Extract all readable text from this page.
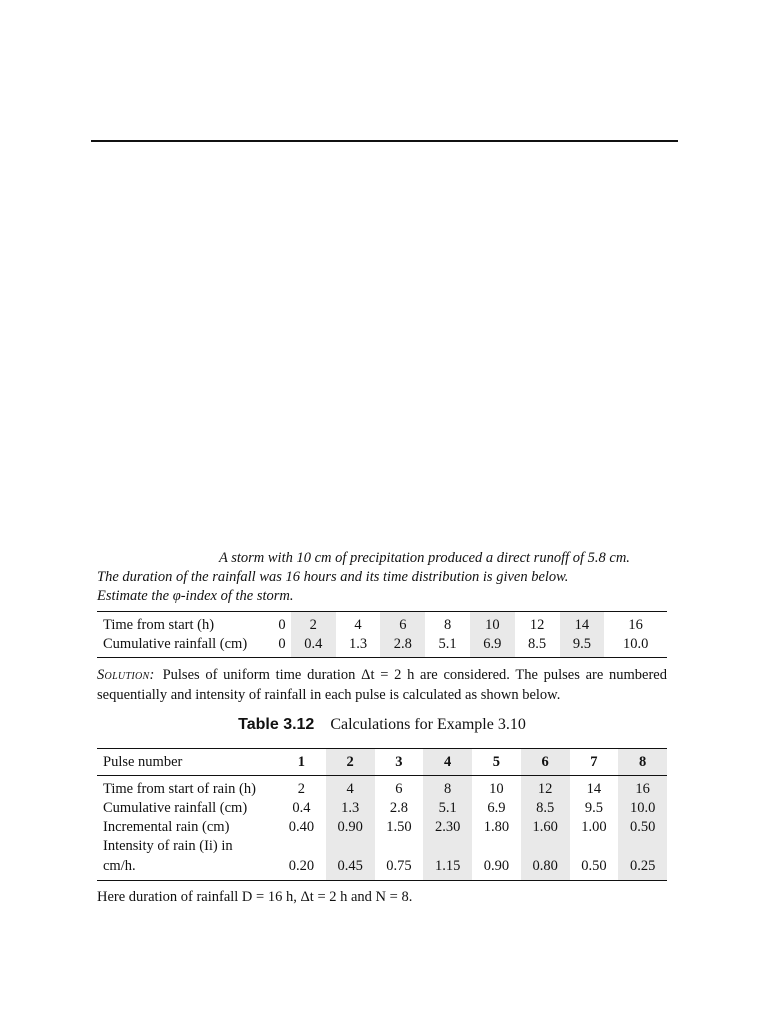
A storm with 10 cm of precipitation produced a direct runoff of 5.8 cm.
The duration of the rainfall was 16 hours and its time distribution is given below.
Estimate the φ-index of the storm.
Time from start (h)	0	2	4	6	8	10	12	14	16
Cumulative rainfall (cm)	0	0.4	1.3	2.8	5.1	6.9	8.5	9.5	10.0
Solution: Pulses of uniform time duration Δt = 2 h are considered. The pulses are numbered sequentially and intensity of rainfall in each pulse is calculated as shown below.
Table 3.12 Calculations for Example 3.10
Pulse number	1	2	3	4	5	6	7	8
Time from start of rain (h)	2	4	6	8	10	12	14	16
Cumulative rainfall (cm)	0.4	1.3	2.8	5.1	6.9	8.5	9.5	10.0
Incremental rain (cm)	0.40	0.90	1.50	2.30	1.80	1.60	1.00	0.50
Intensity of rain (Ii) in								
cm/h.	0.20	0.45	0.75	1.15	0.90	0.80	0.50	0.25
Here duration of rainfall D = 16 h, Δt = 2 h and N = 8.
